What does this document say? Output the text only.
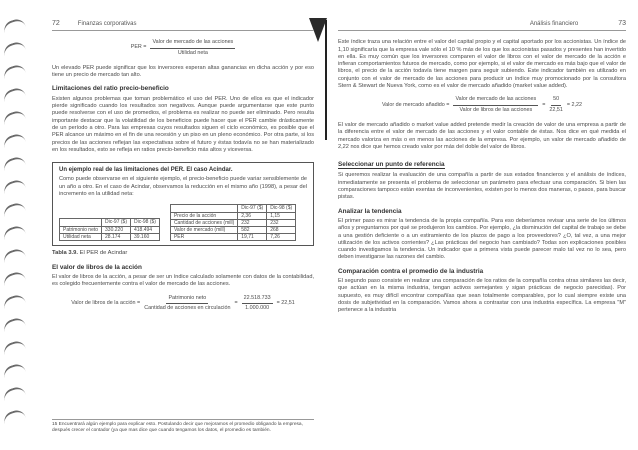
72	Finanzas corporativas
PER = $\frac{\text{Valor de mercado de las acciones}}{\text{Utilidad neta}}$

Un elevado PER puede significar que los inversores esperan altas ganancias en dicha acción y por eso tiene un precio de mercado tan alto.

Limitaciones del ratio precio-beneficio

Existen algunos problemas que toman problemático el uso del PER. Uno de ellos es que el indicador pierde significado cuando los resultados son negativos. Aunque puede argumentarse que este punto puede resolverse con el uso de promedios, el problema es realizar no puede ser eliminado. Pero resulta importante destacar que la volatilidad de los beneficios puede hacer que el PER cambie drásticamente de un período a otro. Para las empresas cuyos resultados siguen el ciclo económico, es posible que el PER alcance un máximo en el fin de una recesión y un piso en un pleno económico. Por otra parte, si los precios de las acciones reflejan las expectativas sobre el futuro y éstas todavía no se han materializado en los resultados, esto se refleja en ratios precio-beneficio más altos y viceversa.

Un ejemplo real de las limitaciones del PER. El caso Acindar.

Como puede observarse en el siguiente ejemplo, el precio-beneficio puede variar sensiblemente de un año a otro. En el caso de Acindar, observamos la reducción en el mismo año (1998), a pesar del incremento en la utilidad neta:

	Dic-97 ($)	Dic-98 ($)
Patrimonio neto	330.220	418.494
Utilidad neta	28.174	39.160
	Dic-97 ($)	Dic-98 ($)
Precio de la acción	2,36	1,15
Cantidad de acciones (mill)	232	232
Valor de mercado (mill)	582	268
PER	19,71	7,26
Tabla 3.9. El PER de Acindar
El valor de libros de la acción

El valor de libros de la acción, a pesar de ser un índice calculado solamente con datos de la contabilidad, es colegido frecuentemente contra el valor de mercado de las acciones.

Valor de libros de la acción = $\frac{\text{Patrimonio neto}}{\text{Cantidad de acciones en circulación}} = \frac{22.518.733}{1.000.000} = 22,51$
15 Encuentrará algún ejemplo para explicar esto. Postulando decir que mejoramos el promedio obligando la empresa, después crecer el contador (ya que mas dice que cuando tengamos los datos, el promedio es también.
Análisis financiero	73

Este índice traza una relación entre el valor del capital propio y el capital aportado por los accionistas. Un índice de 1,10 significaría que la empresa vale sólo el 10 % más de los que los accionistas pasados y presentes han invertido en ella. Es muy común que los inversores comparen el valor de libros con el valor de mercado de la acción e infieran comportamientos futuros de mercado, como por ejemplo, si el valor de mercado es más bajo que el valor de libros, el precio de la acción todavía tiene margen para seguir subiendo. Este indicador también es utilizado en conjunto con el valor de mercado de las acciones para producir un índice muy promocionado por la consultora Stern & Stewart de Nueva York, como es el valor de mercado añadido (market value added).

Valor de mercado añadido = $\frac{\text{Valor de mercado de las acciones}}{\text{Valor de libros de las acciones}} = \frac{50}{22,51} = 2,22$

El valor de mercado añadido o market value added pretende medir la creación de valor de una empresa a partir de la diferencia entre el valor de mercado de las acciones y el valor contable de éstas. Nos dice en qué medida el mercado valoriza en más o en menos las acciones de la empresa. Por ejemplo, un valor de mercado añadido de 2,22 nos dice que hemos creado valor por más del doble del valor de libros.

Seleccionar un punto de referencia

Si queremos realizar la evaluación de una compañía a partir de sus estados financieros y el análisis de índices, inmediatamente se presenta el problema de seleccionar un parámetro para efectuar una comparación. Si bien las comparaciones tampoco están exentas de inconvenientes, existen por lo menos dos maneras, o pasos, para buscar pistas.

Analizar la tendencia

El primer paso es mirar la tendencia de la propia compañía. Para eso deberíamos revisar una serie de los últimos años y preguntarnos por qué se produjeron los cambios. Por ejemplo, ¿la disminución del capital de trabajo se debe a una gestión deficiente o a un estiramiento de los plazos de pago a los proveedores? ¿O, tal vez, a una mejor utilización de los activos corrientes? ¿Las prácticas del negocio han cambiado? Todas son explicaciones posibles cuando investigamos la tendencia. Un indicador que a primera vista puede parecer malo tal vez no lo sea, pero deben investigarse las razones del cambio.

Comparación contra el promedio de la industria

El segundo paso consiste en realizar una comparación de los ratios de la compañía contra otras similares las decir, que actúan en la misma industria, tengan activos semejantes y sigan prácticas de negocio parecidas). Por supuesto, es muy difícil encontrar compañías que sean totalmente comparables, por lo cual siempre existe una dosis de subjetividad en la comparación. Vamos ahora a contrastar con una industria específica. La empresa "M" pertenece a la industria
